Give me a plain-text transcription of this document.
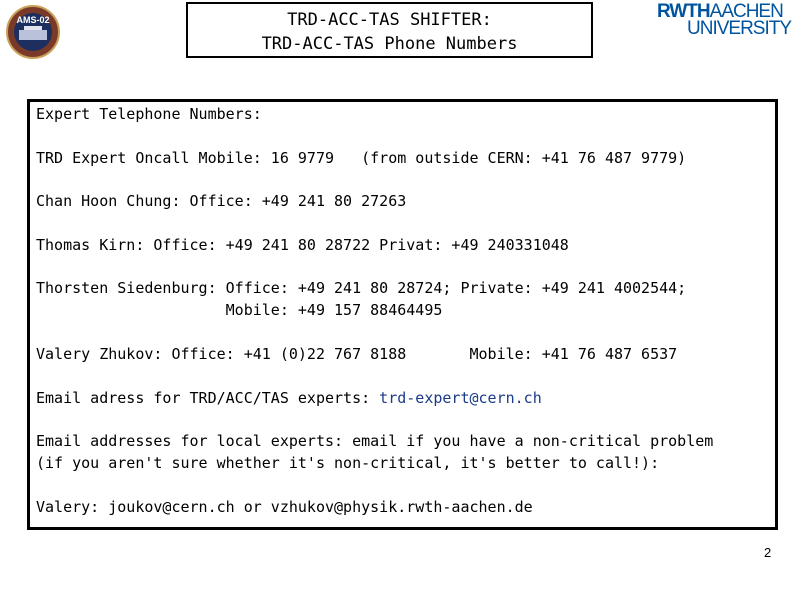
AMS-02	TRD-ACC-TAS SHIFTER:
TRD-ACC-TAS Phone Numbers
RWTHAACHEN
UNIVERSITY
Expert Telephone Numbers:
TRD Expert Oncall Mobile: 16 9779   (from outside CERN: +41 76 487 9779)
Chan Hoon Chung: Office: +49 241 80 27263
Thomas Kirn: Office: +49 241 80 28722 Privat: +49 240331048
Thorsten Siedenburg: Office: +49 241 80 28724; Private: +49 241 4002544;
Mobile: +49 157 88464495
Valery Zhukov: Office: +41 (0)22 767 8188       Mobile: +41 76 487 6537
Email adress for TRD/ACC/TAS experts: trd-expert@cern.ch
Email addresses for local experts: email if you have a non-critical problem
(if you aren't sure whether it's non-critical, it's better to call!):
Valery: joukov@cern.ch or vzhukov@physik.rwth-aachen.de
2
